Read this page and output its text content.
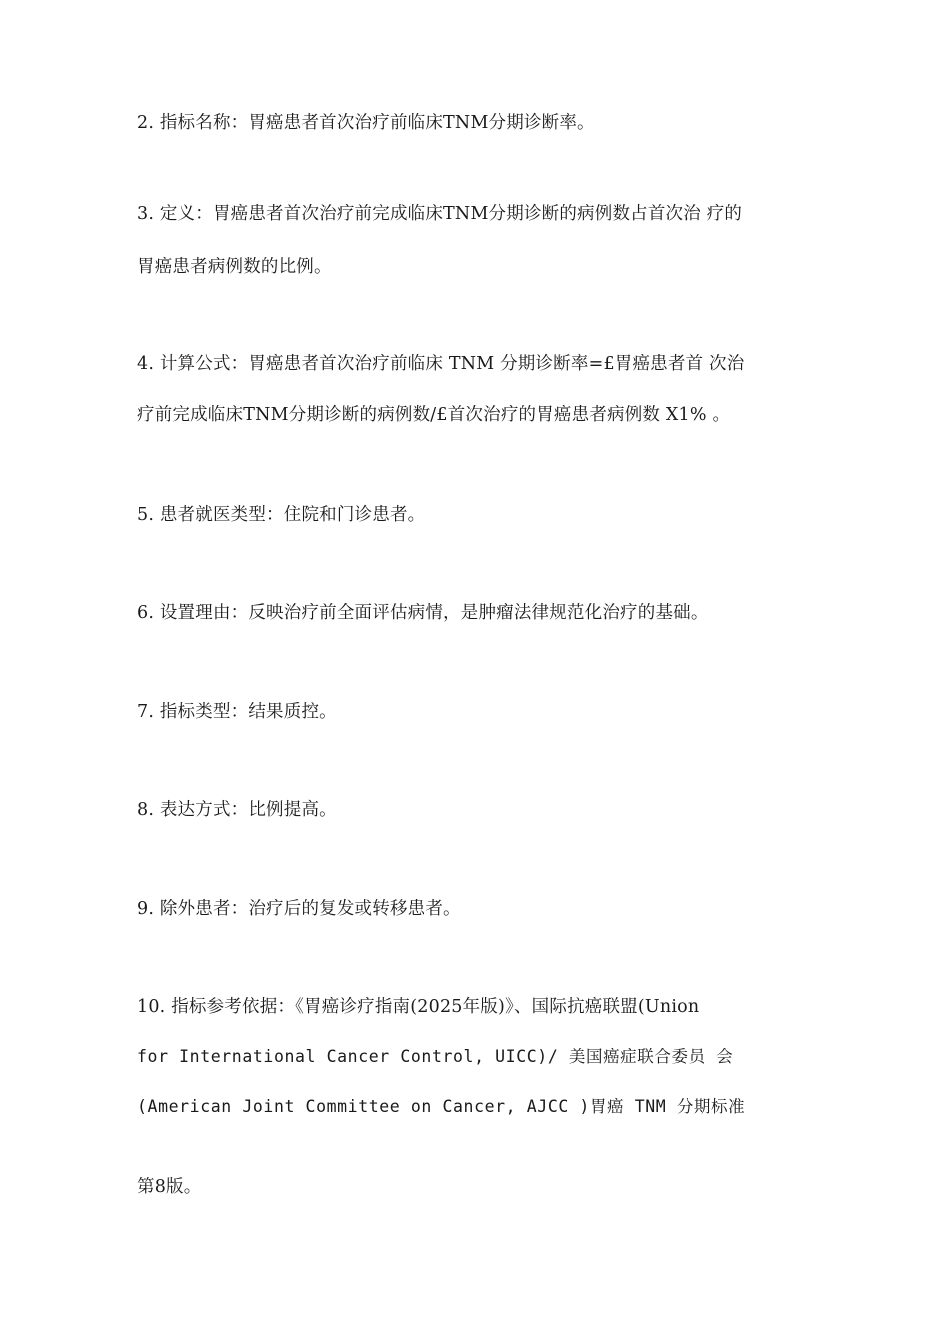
2. 指标名称：胃癌患者首次治疗前临床TNM分期诊断率。
3. 定义：胃癌患者首次治疗前完成临床TNM分期诊断的病例数占首次治 疗的
胃癌患者病例数的比例。
4. 计算公式：胃癌患者首次治疗前临床 TNM 分期诊断率=£胃癌患者首 次治
疗前完成临床TNM分期诊断的病例数/£首次治疗的胃癌患者病例数 X1% 。
5. 患者就医类型：住院和门诊患者。
6. 设置理由：反映治疗前全面评估病情，是肿瘤法律规范化治疗的基础。
7. 指标类型：结果质控。
8. 表达方式：比例提高。
9. 除外患者：治疗后的复发或转移患者。
10. 指标参考依据：《胃癌诊疗指南(2025年版)》、国际抗癌联盟(Union
for International Cancer Control, UICC)/ 美国癌症联合委员 会
(American Joint Committee on Cancer, AJCC )胃癌 TNM 分期标准
第8版。
